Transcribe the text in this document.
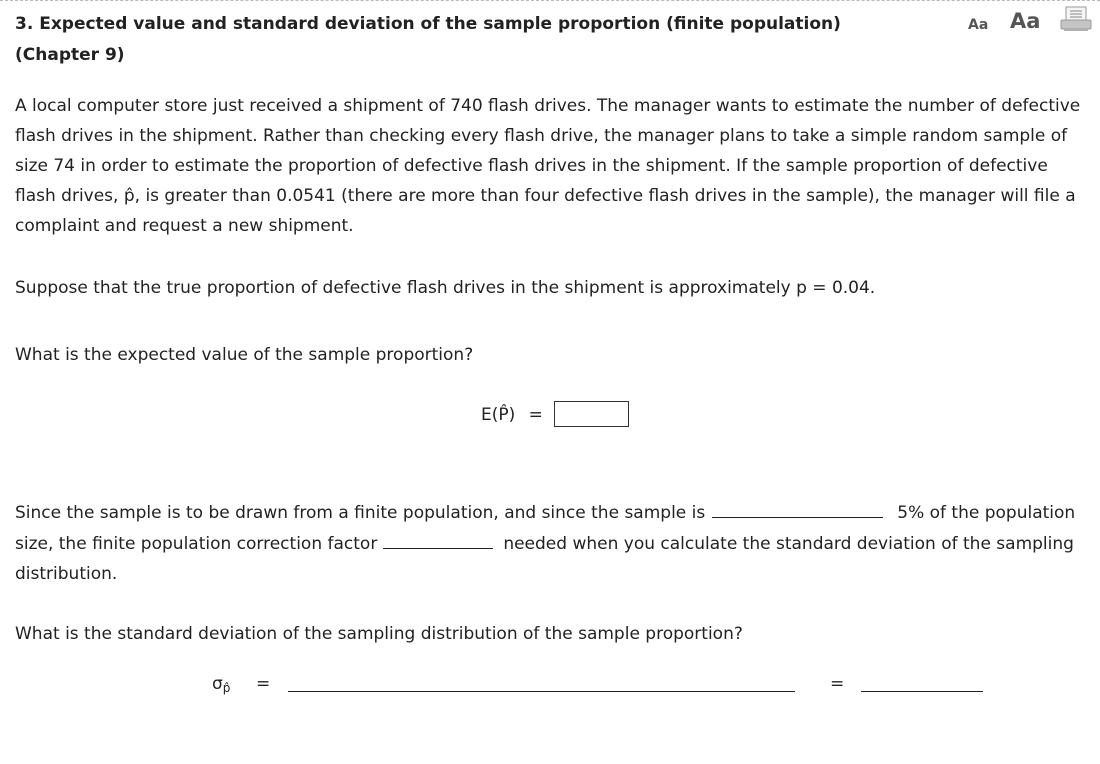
3. Expected value and standard deviation of the sample proportion (finite population) (Chapter 9)
Aa Aa
A local computer store just received a shipment of 740 flash drives. The manager wants to estimate the number of defective flash drives in the shipment. Rather than checking every flash drive, the manager plans to take a simple random sample of size 74 in order to estimate the proportion of defective flash drives in the shipment. If the sample proportion of defective flash drives, p̂, is greater than 0.0541 (there are more than four defective flash drives in the sample), the manager will file a complaint and request a new shipment.
Suppose that the true proportion of defective flash drives in the shipment is approximately p = 0.04.
What is the expected value of the sample proportion?
E(P̂) =
Since the sample is to be drawn from a finite population, and since the sample is	5% of the population size, the finite population correction factor	needed when you calculate the standard deviation of the sampling distribution.
What is the standard deviation of the sampling distribution of the sample proportion?
σp̂ =	=
